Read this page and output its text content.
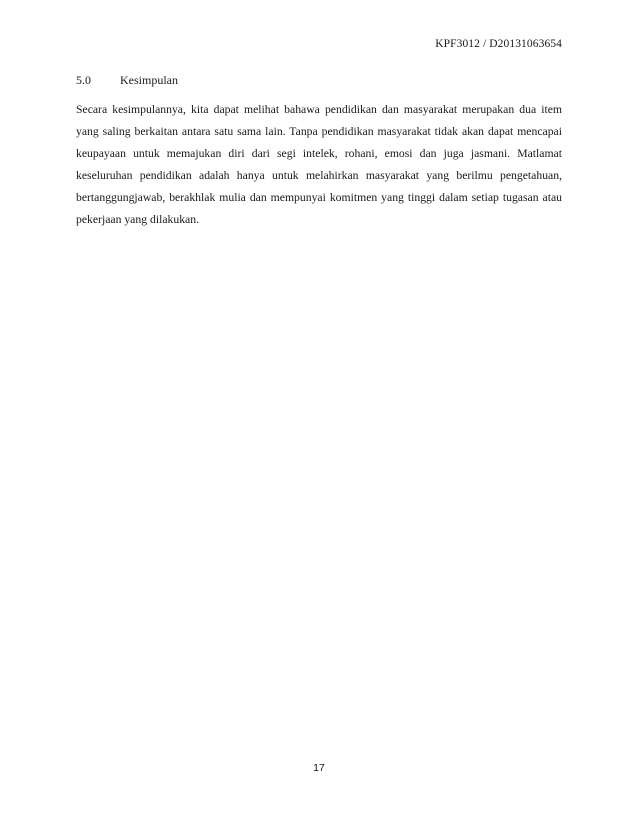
KPF3012 / D20131063654
5.0 Kesimpulan

Secara kesimpulannya, kita dapat melihat bahawa pendidikan dan masyarakat merupakan dua item yang saling berkaitan antara satu sama lain. Tanpa pendidikan masyarakat tidak akan dapat mencapai keupayaan untuk memajukan diri dari segi intelek, rohani, emosi dan juga jasmani. Matlamat keseluruhan pendidikan adalah hanya untuk melahirkan masyarakat yang berilmu pengetahuan, bertanggungjawab, berakhlak mulia dan mempunyai komitmen yang tinggi dalam setiap tugasan atau pekerjaan yang dilakukan.

17
